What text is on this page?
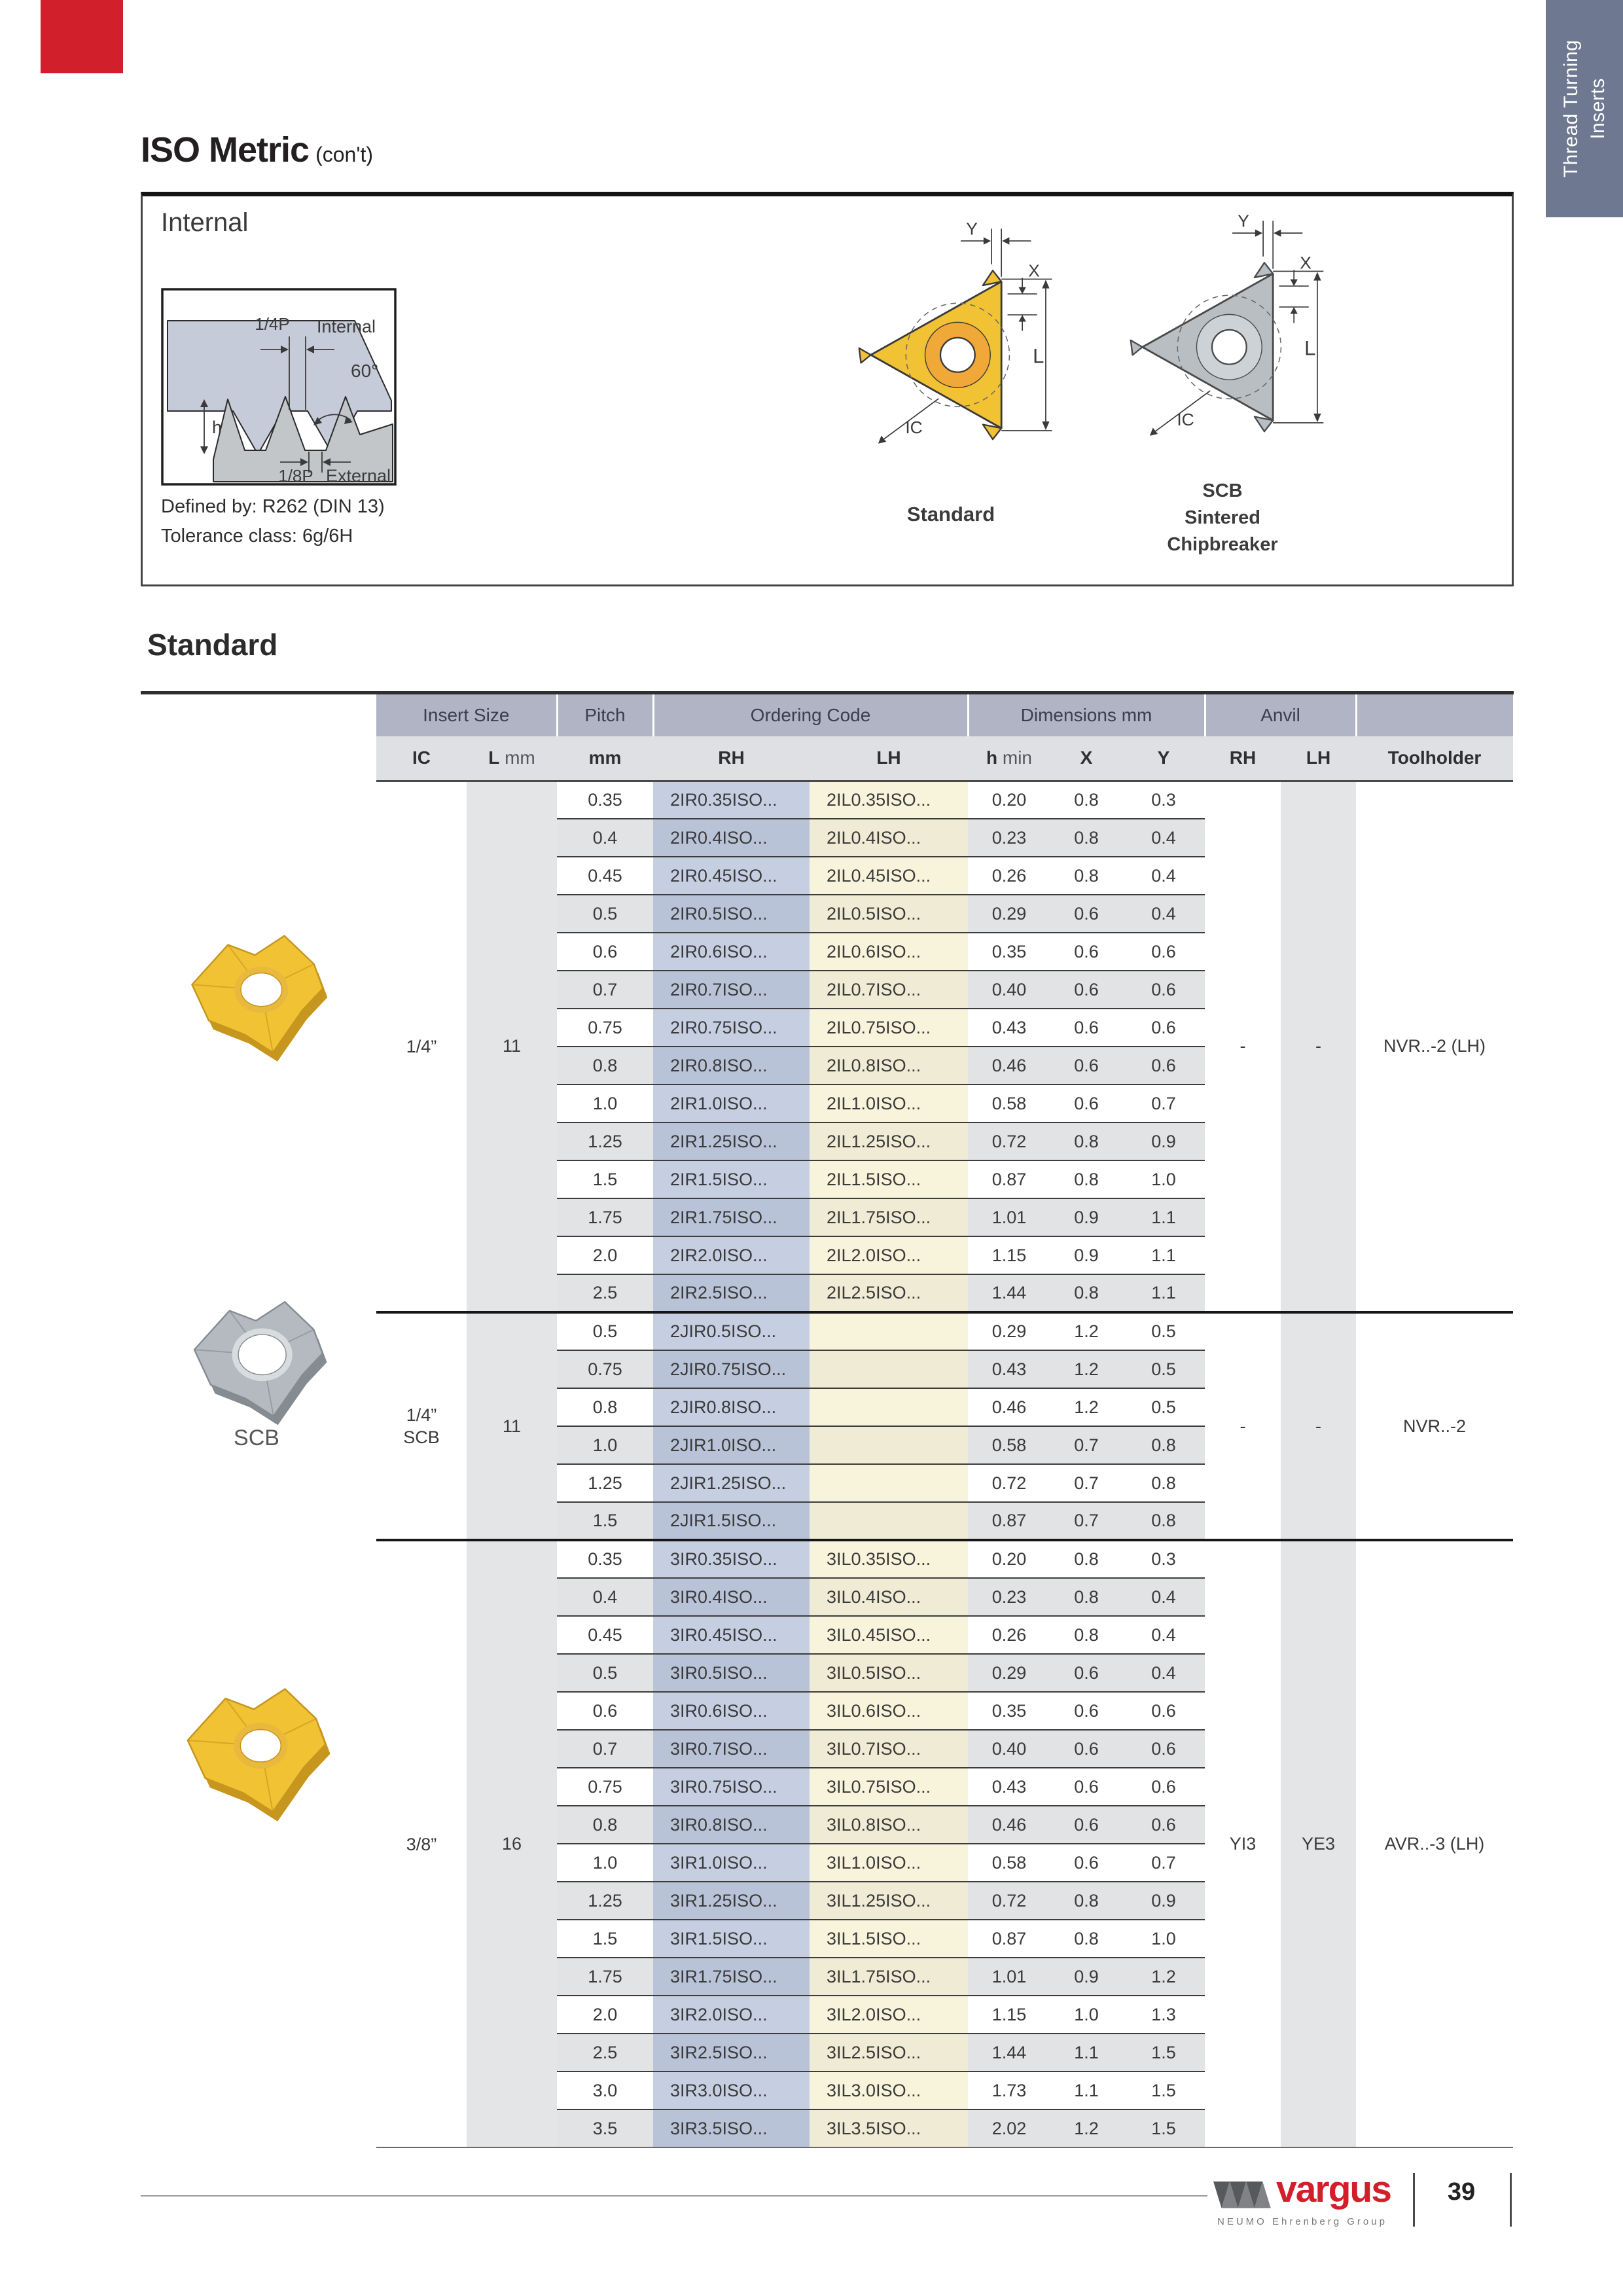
Thread Turning Inserts
ISO Metric (con't)
Internal
1/4P Internal
60°
h
1/8P External
Defined by: R262 (DIN 13)
Tolerance class: 6g/6H
L
Y
X
IC
L
Y
X
IC
Standard
SCB
Sintered
Chipbreaker
Standard
SCB
Insert Size		Pitch	Ordering Code		Dimensions mm			Anvil		
IC	L mm	mm	RH	LH	h min	X	Y	RH	LH	Toolholder

1/4”	11	0.35	2IR0.35ISO...	2IL0.35ISO...	0.20	0.8	0.3	-	-	NVR..-2 (LH)
		0.4	2IR0.4ISO...	2IL0.4ISO...	0.23	0.8	0.4			
		0.45	2IR0.45ISO...	2IL0.45ISO...	0.26	0.8	0.4			
		0.5	2IR0.5ISO...	2IL0.5ISO...	0.29	0.6	0.4			
		0.6	2IR0.6ISO...	2IL0.6ISO...	0.35	0.6	0.6			
		0.7	2IR0.7ISO...	2IL0.7ISO...	0.40	0.6	0.6			
		0.75	2IR0.75ISO...	2IL0.75ISO...	0.43	0.6	0.6			
		0.8	2IR0.8ISO...	2IL0.8ISO...	0.46	0.6	0.6			
		1.0	2IR1.0ISO...	2IL1.0ISO...	0.58	0.6	0.7			
		1.25	2IR1.25ISO...	2IL1.25ISO...	0.72	0.8	0.9			
		1.5	2IR1.5ISO...	2IL1.5ISO...	0.87	0.8	1.0			
		1.75	2IR1.75ISO...	2IL1.75ISO...	1.01	0.9	1.1			
		2.0	2IR2.0ISO...	2IL2.0ISO...	1.15	0.9	1.1			
		2.5	2IR2.5ISO...	2IL2.5ISO...	1.44	0.8	1.1			

1/4”
SCB	11	0.5	2JIR0.5ISO...		0.29	1.2	0.5	-	-	NVR..-2
		0.75	2JIR0.75ISO...		0.43	1.2	0.5			
		0.8	2JIR0.8ISO...		0.46	1.2	0.5			
		1.0	2JIR1.0ISO...		0.58	0.7	0.8			
		1.25	2JIR1.25ISO...		0.72	0.7	0.8			
		1.5	2JIR1.5ISO...		0.87	0.7	0.8			

3/8”	16	0.35	3IR0.35ISO...	3IL0.35ISO...	0.20	0.8	0.3	YI3	YE3	AVR..-3 (LH)
		0.4	3IR0.4ISO...	3IL0.4ISO...	0.23	0.8	0.4			
		0.45	3IR0.45ISO...	3IL0.45ISO...	0.26	0.8	0.4			
		0.5	3IR0.5ISO...	3IL0.5ISO...	0.29	0.6	0.4			
		0.6	3IR0.6ISO...	3IL0.6ISO...	0.35	0.6	0.6			
		0.7	3IR0.7ISO...	3IL0.7ISO...	0.40	0.6	0.6			
		0.75	3IR0.75ISO...	3IL0.75ISO...	0.43	0.6	0.6			
		0.8	3IR0.8ISO...	3IL0.8ISO...	0.46	0.6	0.6			
		1.0	3IR1.0ISO...	3IL1.0ISO...	0.58	0.6	0.7			
		1.25	3IR1.25ISO...	3IL1.25ISO...	0.72	0.8	0.9			
		1.5	3IR1.5ISO...	3IL1.5ISO...	0.87	0.8	1.0			
		1.75	3IR1.75ISO...	3IL1.75ISO...	1.01	0.9	1.2			
		2.0	3IR2.0ISO...	3IL2.0ISO...	1.15	1.0	1.3			
		2.5	3IR2.5ISO...	3IL2.5ISO...	1.44	1.1	1.5			
		3.0	3IR3.0ISO...	3IL3.0ISO...	1.73	1.1	1.5			
		3.5	3IR3.5ISO...	3IL3.5ISO...	2.02	1.2	1.5			
vargus
NEUMO Ehrenberg Group
39
